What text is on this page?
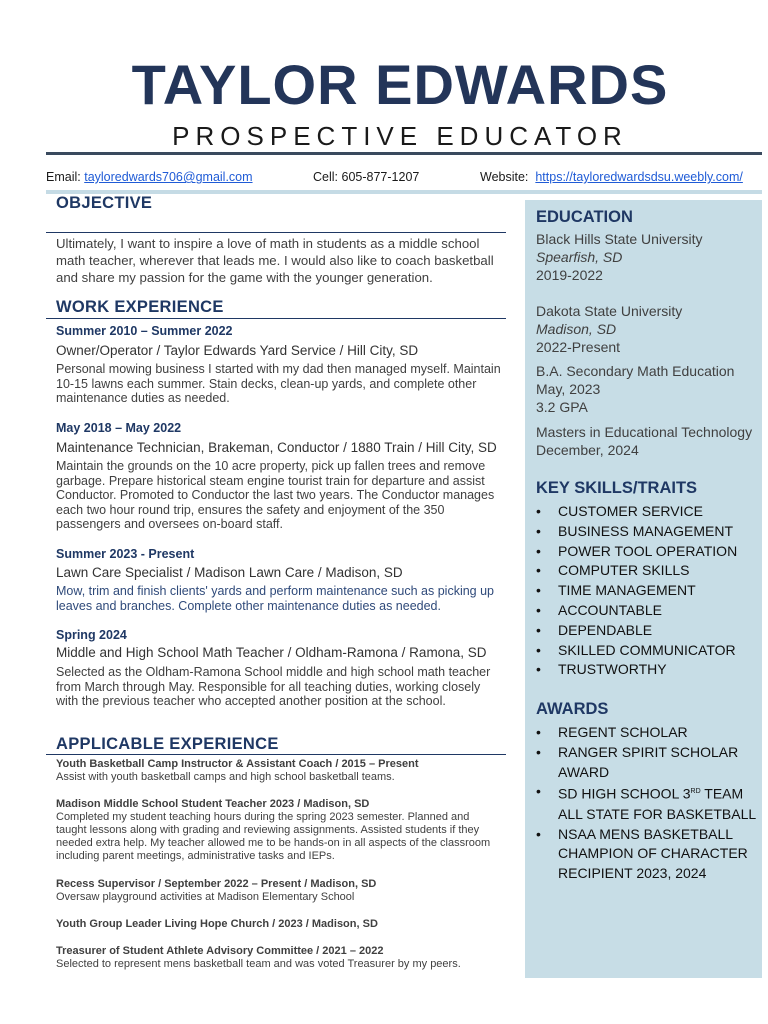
TAYLOR EDWARDS
PROSPECTIVE EDUCATOR
Email: tayloredwards706@gmail.com	Cell: 605-877-1207	Website: https://tayloredwardsdsu.weebly.com/
OBJECTIVE
Ultimately, I want to inspire a love of math in students as a middle school math teacher, wherever that leads me. I would also like to coach basketball and share my passion for the game with the younger generation.
WORK EXPERIENCE
Summer 2010 – Summer 2022
Owner/Operator / Taylor Edwards Yard Service / Hill City, SD
Personal mowing business I started with my dad then managed myself. Maintain 10-15 lawns each summer. Stain decks, clean-up yards, and complete other maintenance duties as needed.
May 2018 – May 2022
Maintenance Technician, Brakeman, Conductor / 1880 Train / Hill City, SD
Maintain the grounds on the 10 acre property, pick up fallen trees and remove garbage. Prepare historical steam engine tourist train for departure and assist Conductor. Promoted to Conductor the last two years. The Conductor manages each two hour round trip, ensures the safety and enjoyment of the 350 passengers and oversees on-board staff.
Summer 2023 - Present
Lawn Care Specialist / Madison Lawn Care / Madison, SD
Mow, trim and finish clients' yards and perform maintenance such as picking up leaves and branches. Complete other maintenance duties as needed.
Spring 2024
Middle and High School Math Teacher / Oldham-Ramona / Ramona, SD
Selected as the Oldham-Ramona School middle and high school math teacher from March through May. Responsible for all teaching duties, working closely with the previous teacher who accepted another position at the school.
APPLICABLE EXPERIENCE
Youth Basketball Camp Instructor & Assistant Coach / 2015 – Present
Assist with youth basketball camps and high school basketball teams.
Madison Middle School Student Teacher 2023 / Madison, SD
Completed my student teaching hours during the spring 2023 semester. Planned and taught lessons along with grading and reviewing assignments. Assisted students if they needed extra help. My teacher allowed me to be hands-on in all aspects of the classroom including parent meetings, administrative tasks and IEPs.
Recess Supervisor / September 2022 – Present / Madison, SD
Oversaw playground activities at Madison Elementary School
Youth Group Leader Living Hope Church / 2023 / Madison, SD
Treasurer of Student Athlete Advisory Committee / 2021 – 2022
Selected to represent mens basketball team and was voted Treasurer by my peers.
EDUCATION
Black Hills State University
Spearfish, SD
2019-2022
Dakota State University
Madison, SD
2022-Present
B.A. Secondary Math Education
May, 2023
3.2 GPA
Masters in Educational Technology
December, 2024
KEY SKILLS/TRAITS
• CUSTOMER SERVICE
• BUSINESS MANAGEMENT
• POWER TOOL OPERATION
• COMPUTER SKILLS
• TIME MANAGEMENT
• ACCOUNTABLE
• DEPENDABLE
• SKILLED COMMUNICATOR
• TRUSTWORTHY
AWARDS
• REGENT SCHOLAR
• RANGER SPIRIT SCHOLAR AWARD
• SD HIGH SCHOOL 3RD TEAM ALL STATE FOR BASKETBALL
• NSAA MENS BASKETBALL CHAMPION OF CHARACTER RECIPIENT 2023, 2024
